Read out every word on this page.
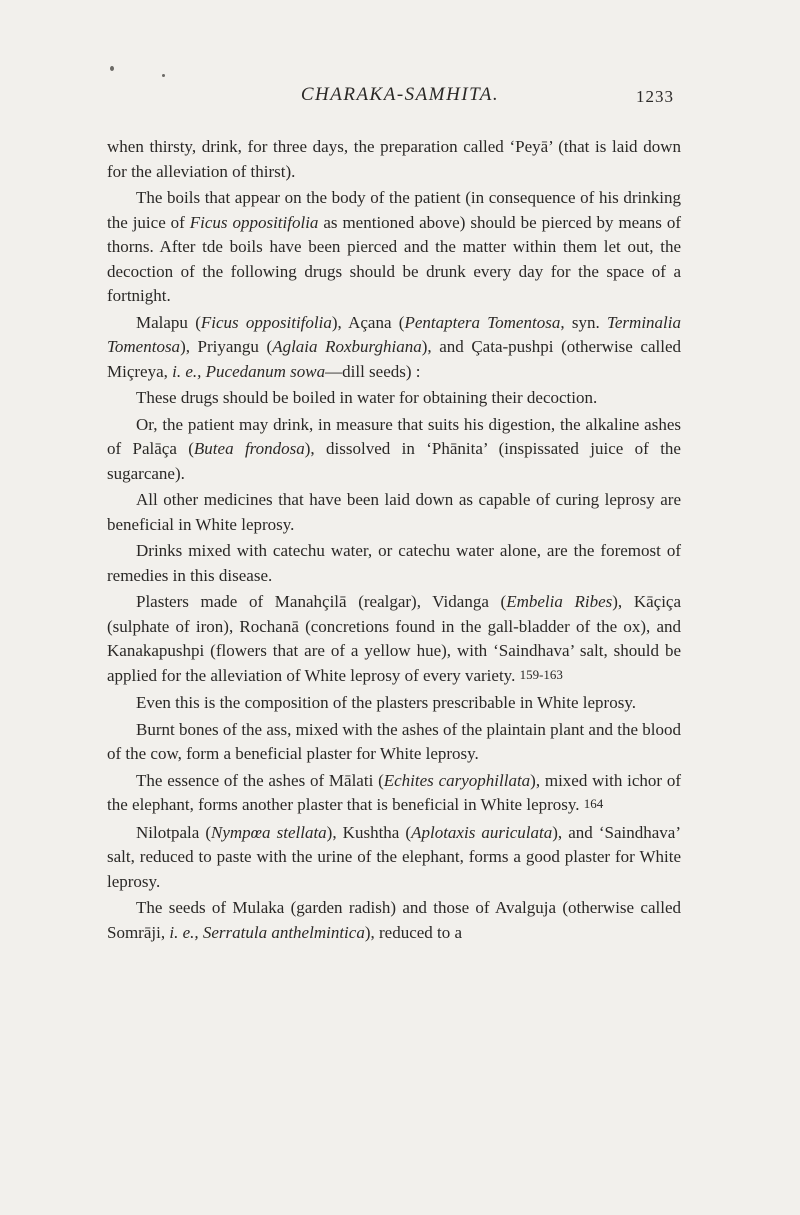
CHARAKA-SAMHITA.	1233

when thirsty, drink, for three days, the preparation called ‘Peyā’ (that is laid down for the alleviation of thirst).

The boils that appear on the body of the patient (in consequence of his drinking the juice of Ficus oppositifolia as mentioned above) should be pierced by means of thorns. After tde boils have been pierced and the matter within them let out, the decoction of the following drugs should be drunk every day for the space of a fortnight.

Malapu (Ficus oppositifolia), Açana (Pentaptera Tomentosa, syn. Terminalia Tomentosa), Priyangu (Aglaia Roxburghiana), and Çata-pushpi (otherwise called Miçreya, i. e., Pucedanum sowa—dill seeds) :

These drugs should be boiled in water for obtaining their decoction.

Or, the patient may drink, in measure that suits his digestion, the alkaline ashes of Palāça (Butea frondosa), dissolved in ‘Phānita’ (inspissated juice of the sugarcane).

All other medicines that have been laid down as capable of curing leprosy are beneficial in White leprosy.

Drinks mixed with catechu water, or catechu water alone, are the foremost of remedies in this disease.

Plasters made of Manahçilā (realgar), Vidanga (Embelia Ribes), Kāçiça (sulphate of iron), Rochanā (concretions found in the gall-bladder of the ox), and Kanakapushpi (flowers that are of a yellow hue), with ‘Saindhava’ salt, should be applied for the alleviation of White leprosy of every variety. 159-163

Even this is the composition of the plasters prescribable in White leprosy.

Burnt bones of the ass, mixed with the ashes of the plaintain plant and the blood of the cow, form a beneficial plaster for White leprosy.

The essence of the ashes of Mālati (Echites caryophillata), mixed with ichor of the elephant, forms another plaster that is beneficial in White leprosy. 164

Nilotpala (Nympœa stellata), Kushtha (Aplotaxis auriculata), and ‘Saindhava’ salt, reduced to paste with the urine of the elephant, forms a good plaster for White leprosy.

The seeds of Mulaka (garden radish) and those of Avalguja (otherwise called Somrāji, i. e., Serratula anthelmintica), reduced to a
